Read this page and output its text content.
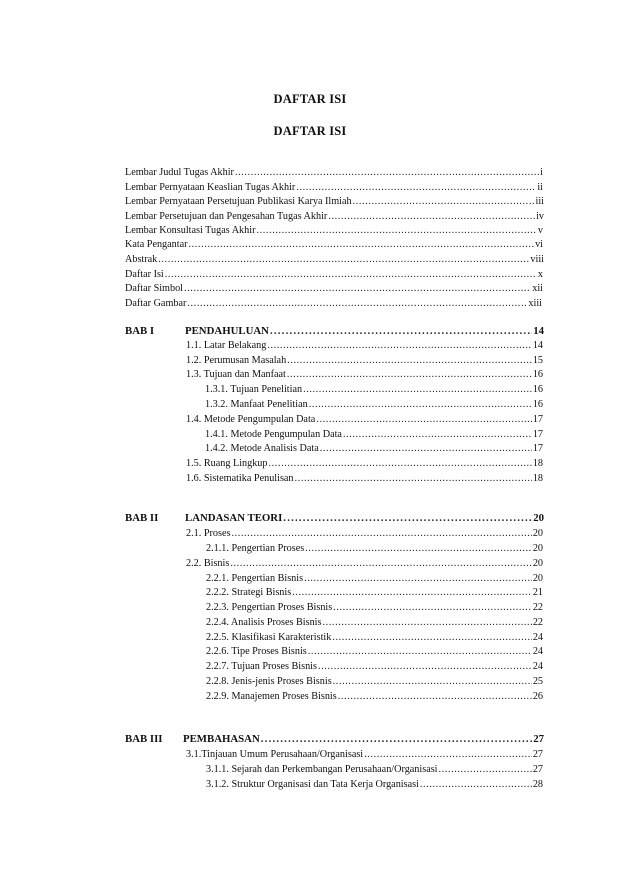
DAFTAR ISI
DAFTAR ISI
Lembar Judul Tugas Akhir .....	i
Lembar Pernyataan Keaslian Tugas Akhir .....	ii
Lembar Pernyataan Persetujuan Publikasi Karya Ilmiah .....	iii
Lembar Persetujuan dan Pengesahan Tugas Akhir .....	iv
Lembar Konsultasi Tugas Akhir .....	v
Kata Pengantar .....	vi
Abstrak .....	viii
Daftar Isi .....	x
Daftar Simbol .....	xii
Daftar Gambar .....	xiii
BAB I	PENDAHULUAN .....	14
1.1. Latar Belakang .....	14
1.2. Perumusan Masalah .....	15
1.3. Tujuan dan Manfaat .....	16
1.3.1. Tujuan Penelitian .....	16
1.3.2. Manfaat Penelitian .....	16
1.4. Metode Pengumpulan Data .....	17
1.4.1. Metode Pengumpulan Data .....	17
1.4.2. Metode Analisis Data .....	17
1.5. Ruang Lingkup .....	18
1.6. Sistematika Penulisan .....	18
BAB II LANDASAN TEORI .....	20
2.1. Proses .....	20
2.1.1. Pengertian Proses .....	20
2.2. Bisnis .....	20
2.2.1. Pengertian Bisnis .....	20
2.2.2. Strategi Bisnis .....	21
2.2.3. Pengertian Proses Bisnis .....	22
2.2.4. Analisis Proses Bisnis .....	22
2.2.5. Klasifikasi Karakteristik .....	24
2.2.6. Tipe Proses Bisnis .....	24
2.2.7. Tujuan Proses Bisnis .....	24
2.2.8. Jenis-jenis Proses Bisnis .....	25
2.2.9. Manajemen Proses Bisnis .....	26
BAB III PEMBAHASAN .....	27
3.1.Tinjauan Umum Perusahaan/Organisasi .....	27
3.1.1. Sejarah dan Perkembangan Perusahaan/Organisasi .....	27
3.1.2. Struktur Organisasi dan Tata Kerja Organisasi .....	28
